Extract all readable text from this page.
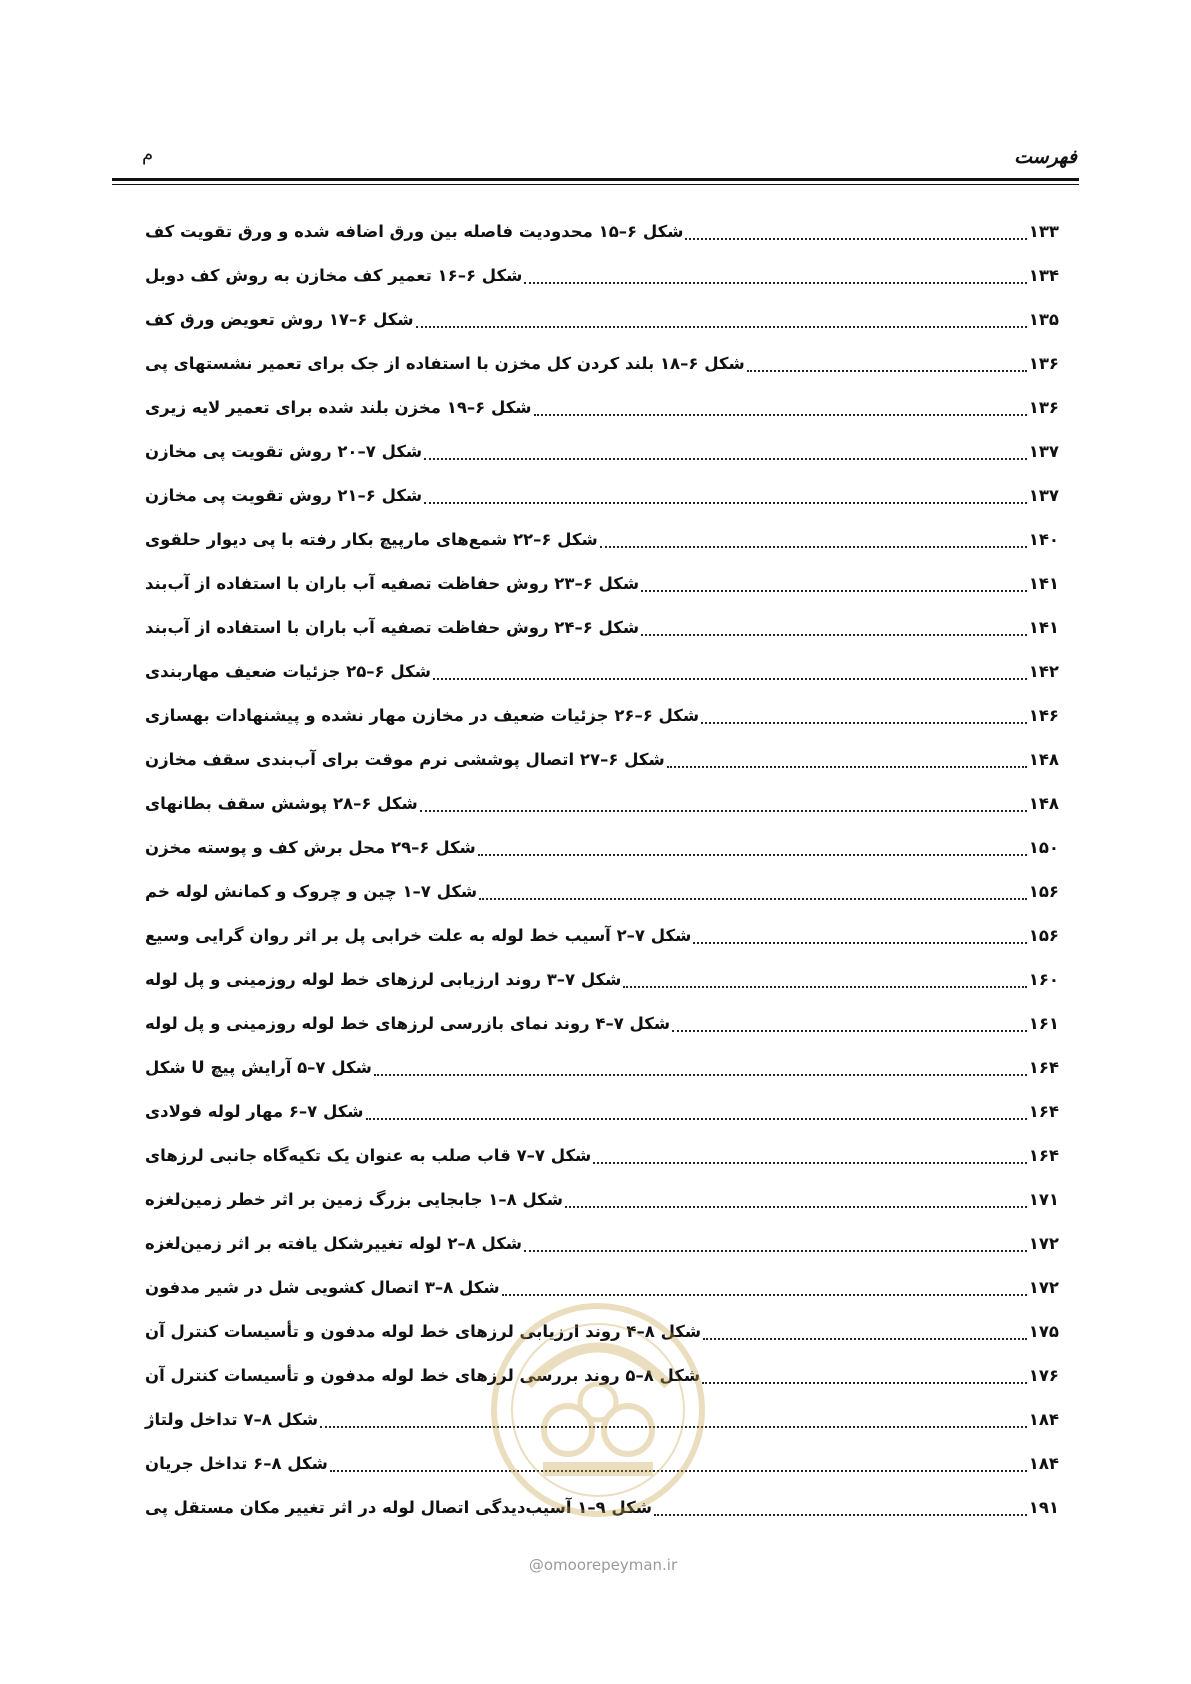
فهرست
م
شکل ۶–۱۵ محدودیت فاصله بین ورق اضافه شده و ورق تقویت کف	۱۳۳
شکل ۶–۱۶ تعمیر کف مخازن به روش کف دوبل	۱۳۴
شکل ۶–۱۷ روش تعویض ورق کف	۱۳۵
شکل ۶–۱۸ بلند کردن کل مخزن با استفاده از جک برای تعمیر نشستهای پی	۱۳۶
شکل ۶–۱۹ مخزن بلند شده برای تعمیر لایه زیری	۱۳۶
شکل ۷–۲۰ روش تقویت پی مخازن	۱۳۷
شکل ۶–۲۱ روش تقویت پی مخازن	۱۳۷
شکل ۶–۲۲ شمع‌های مارپیچ بکار رفته با پی دیوار حلقوی	۱۴۰
شکل ۶–۲۳ روش حفاظت تصفیه آب باران با استفاده از آب‌بند	۱۴۱
شکل ۶–۲۴ روش حفاظت تصفیه آب باران با استفاده از آب‌بند	۱۴۱
شکل ۶–۲۵ جزئیات ضعیف مهاربندی	۱۴۲
شکل ۶–۲۶ جزئیات ضعیف در مخازن مهار نشده و پیشنهادات بهسازی	۱۴۶
شکل ۶–۲۷ اتصال پوششی نرم موقت برای آب‌بندی سقف مخازن	۱۴۸
شکل ۶–۲۸ پوشش سقف بطانهای	۱۴۸
شکل ۶–۲۹ محل برش کف و پوسته مخزن	۱۵۰
شکل ۷–۱ چین و چروک و کمانش لوله خم	۱۵۶
شکل ۷–۲ آسیب خط لوله به علت خرابی پل بر اثر روان گرایی وسیع	۱۵۶
شکل ۷–۳ روند ارزیابی لرزهای خط لوله روزمینی و پل لوله	۱۶۰
شکل ۷–۴ روند نمای بازرسی لرزهای خط لوله روزمینی و پل لوله	۱۶۱
شکل ۷–۵ آرایش پیچ U شکل	۱۶۴
شکل ۷–۶ مهار لوله فولادی	۱۶۴
شکل ۷–۷ قاب صلب به عنوان یک تکیه‌گاه جانبی لرزهای	۱۶۴
شکل ۸–۱ جابجایی بزرگ زمین بر اثر خطر زمین‌لغزه	۱۷۱
شکل ۸–۲ لوله تغییرشکل یافته بر اثر زمین‌لغزه	۱۷۲
شکل ۸–۳ اتصال کشویی شل در شیر مدفون	۱۷۲
شکل ۸–۴ روند ارزیابی لرزهای خط لوله مدفون و تأسیسات کنترل آن	۱۷۵
شکل ۸–۵ روند بررسی لرزهای خط لوله مدفون و تأسیسات کنترل آن	۱۷۶
شکل ۸–۷ تداخل ولتاژ	۱۸۴
شکل ۸–۶ تداخل جریان	۱۸۴
شکل ۹–۱ آسیب‌دیدگی اتصال لوله در اثر تغییر مکان مستقل پی	۱۹۱
@omoorepeyman.ir
